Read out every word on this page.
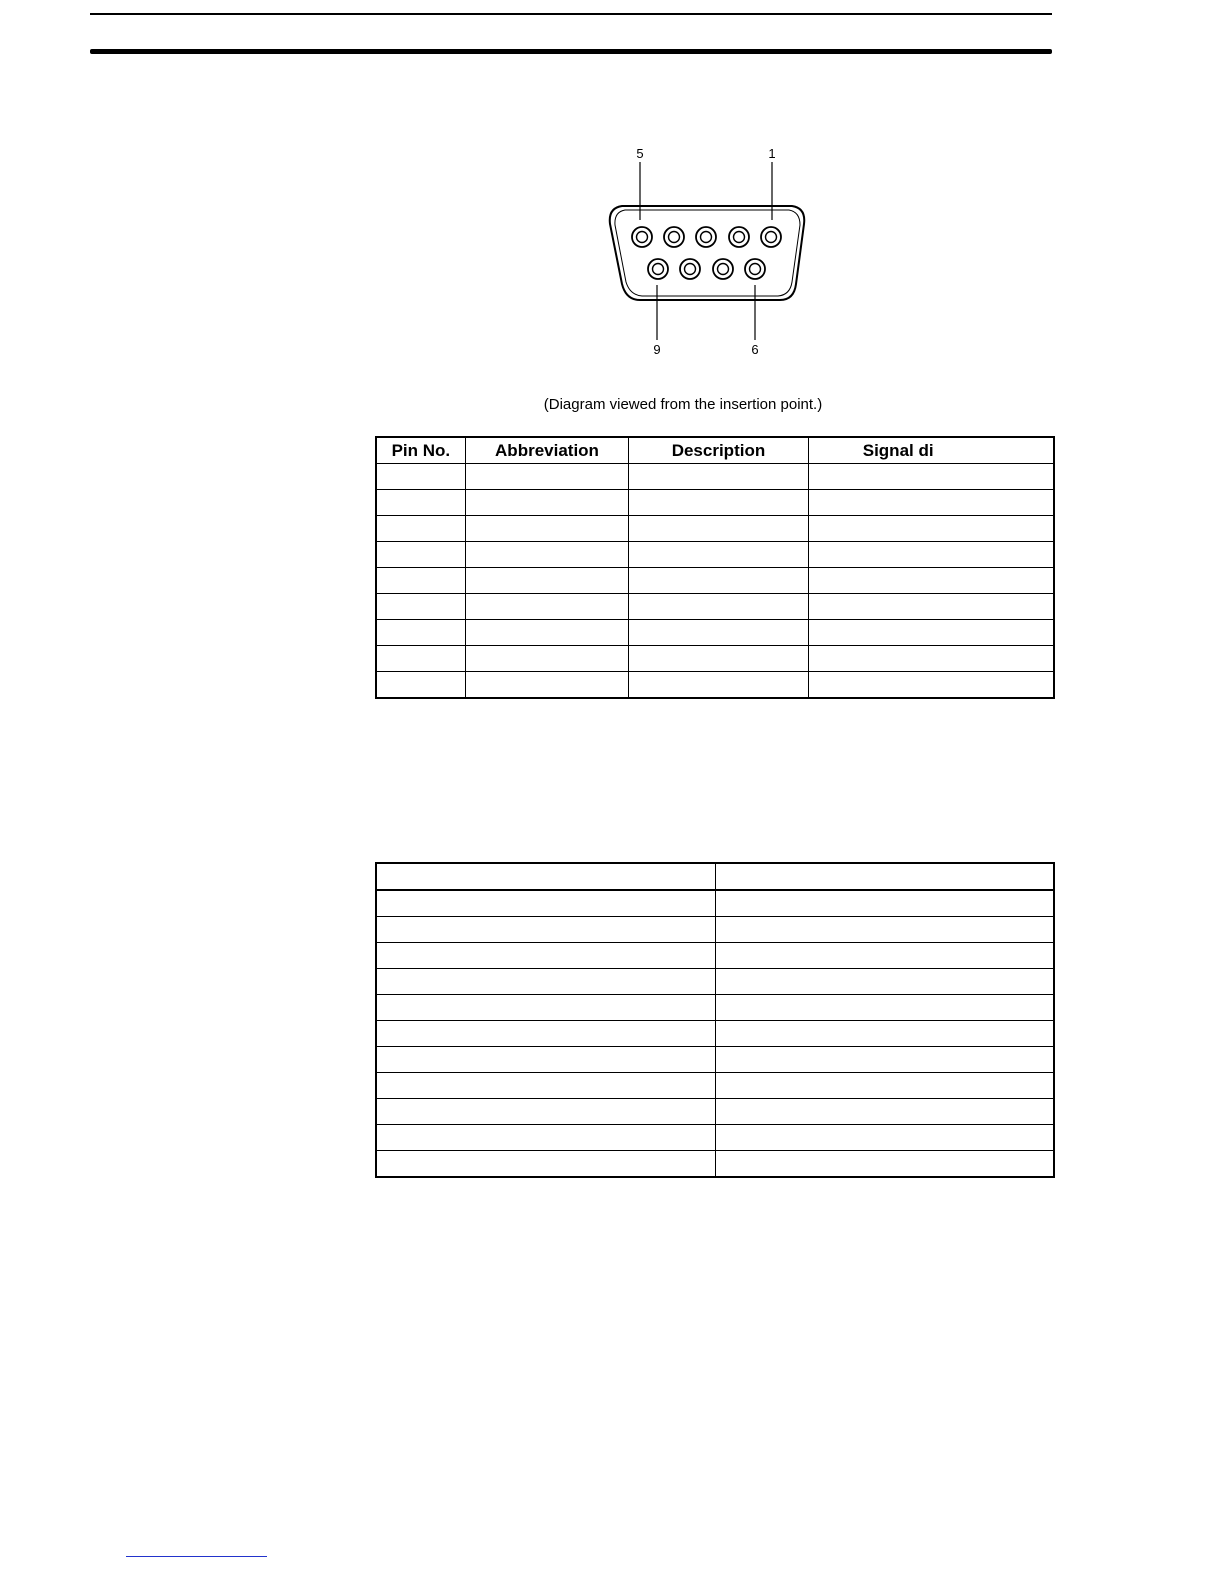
5	1
9	6
(Diagram viewed from the insertion point.)
Pin No.	Abbreviation	Description	Signal di
